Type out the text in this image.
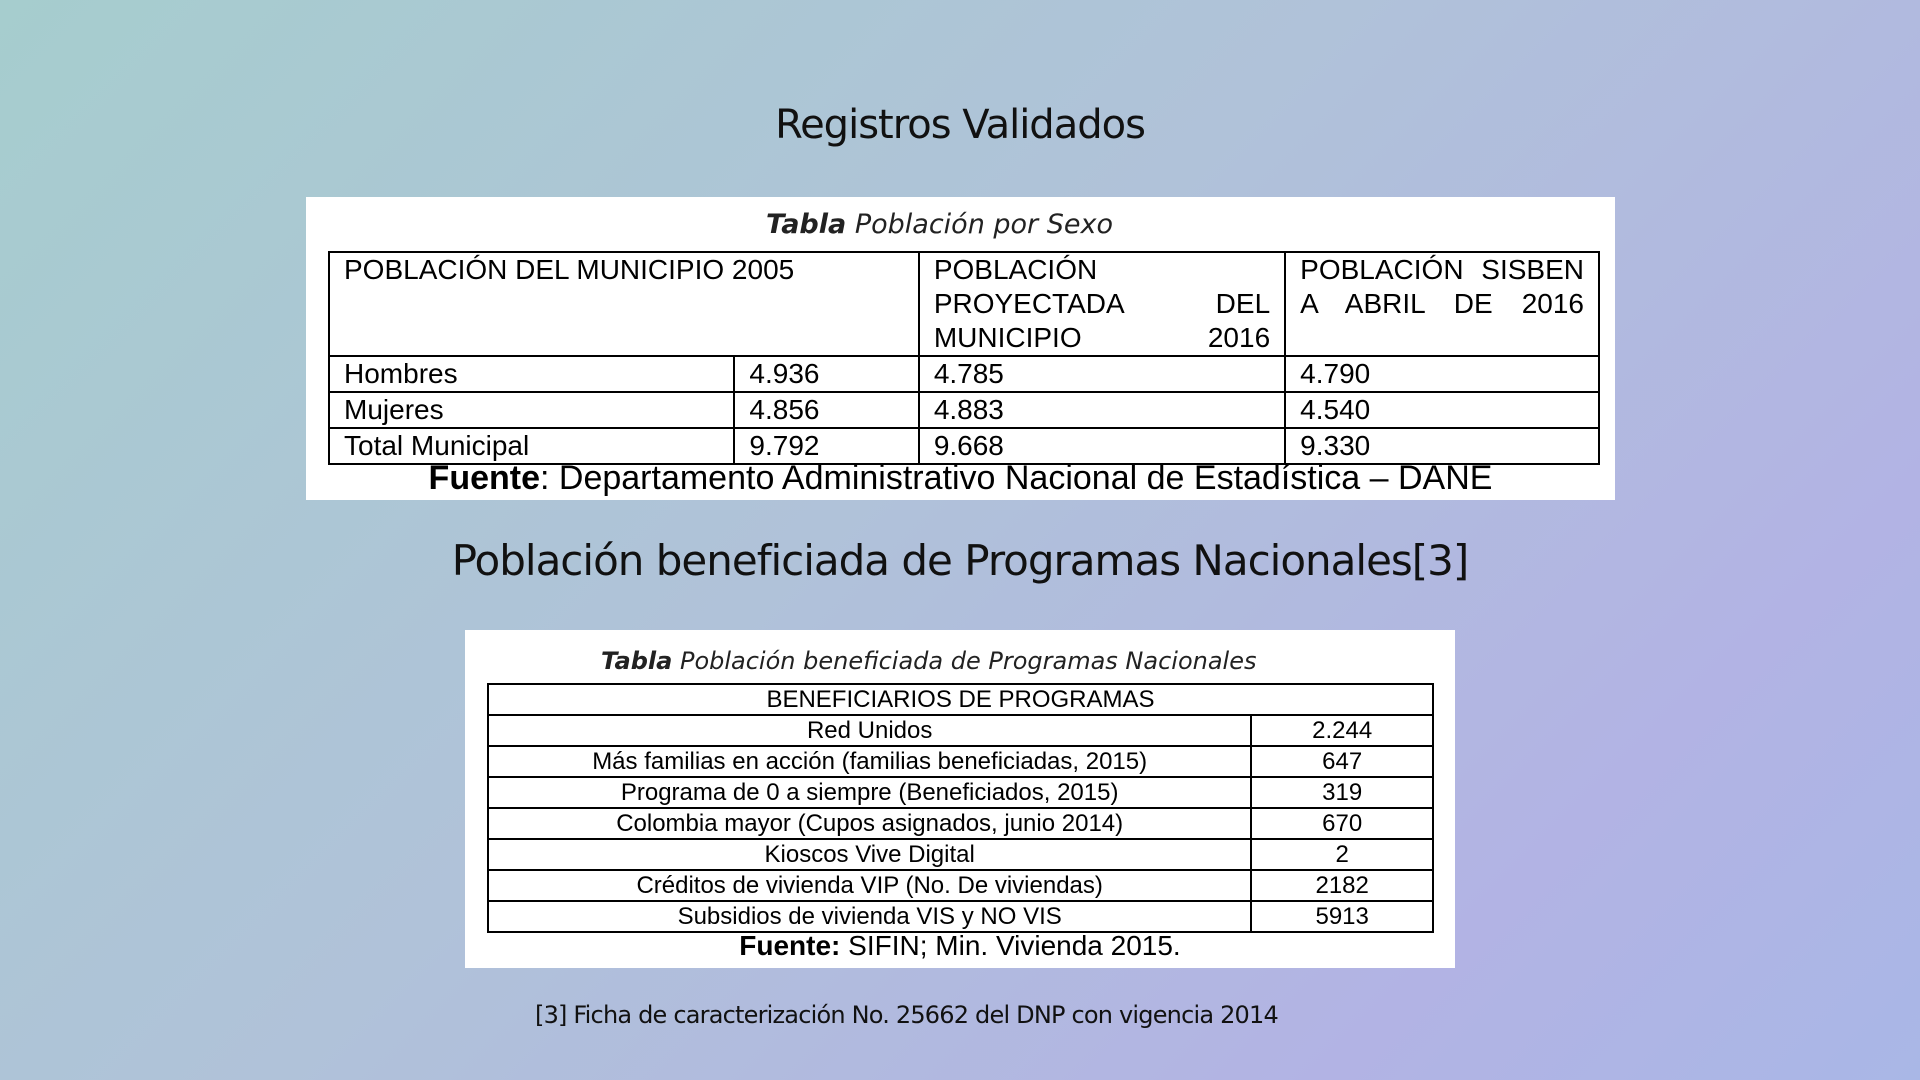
Registros Validados
Tabla Población por Sexo
POBLACIÓN DEL MUNICIPIO 2005		POBLACIÓN PROYECTADA DEL MUNICIPIO 2016	POBLACIÓN SISBEN A ABRIL DE 2016
Hombres	4.936	4.785	4.790
Mujeres	4.856	4.883	4.540
Total Municipal	9.792	9.668	9.330
Fuente: Departamento Administrativo Nacional de Estadística – DANE
Población beneficiada de Programas Nacionales[3]
Tabla Población beneficiada de Programas Nacionales
BENEFICIARIOS DE PROGRAMAS	
Red Unidos	2.244
Más familias en acción (familias beneficiadas, 2015)	647
Programa de 0 a siempre (Beneficiados, 2015)	319
Colombia mayor (Cupos asignados, junio 2014)	670
Kioscos Vive Digital	2
Créditos de vivienda VIP (No. De viviendas)	2182
Subsidios de vivienda VIS y NO VIS	5913
Fuente: SIFIN; Min. Vivienda 2015.
[3] Ficha de caracterización No. 25662 del DNP con vigencia 2014
